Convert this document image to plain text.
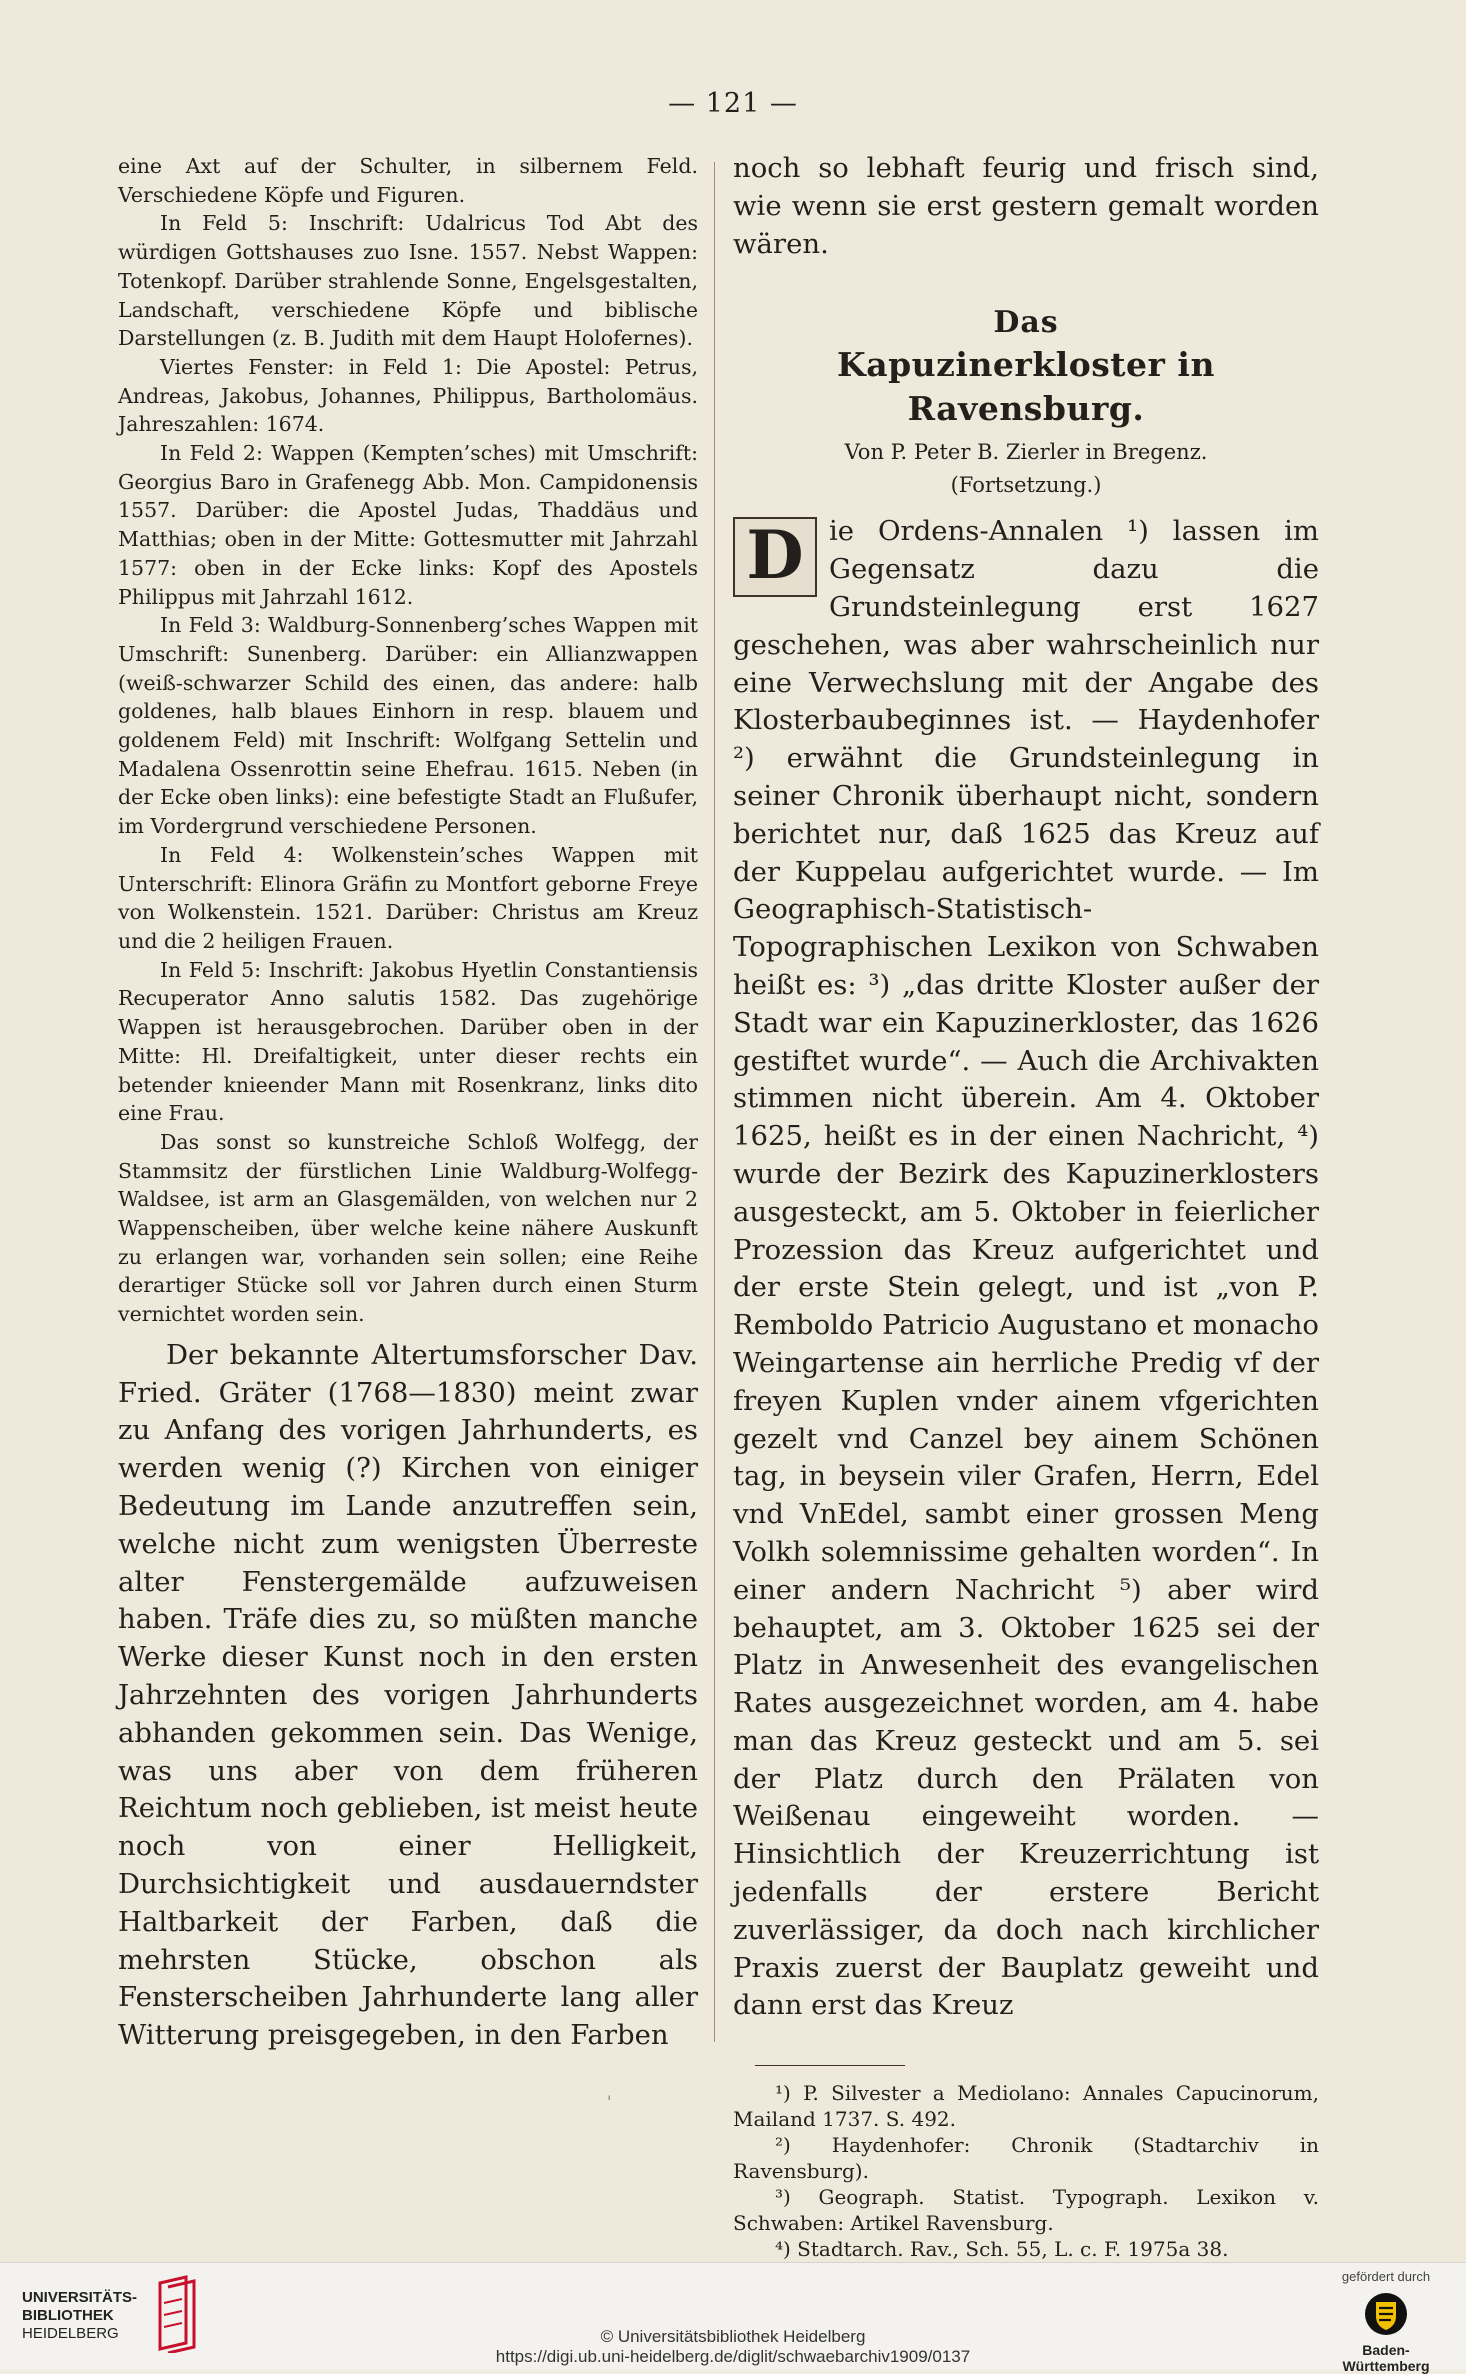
— 121 —

eine Axt auf der Schulter, in silbernem Feld. Verschiedene Köpfe und Figuren.

In Feld 5: Inschrift: Udalricus Tod Abt des würdigen Gottshauses zuo Isne. 1557. Nebst Wappen: Totenkopf. Darüber strahlende Sonne, Engelsgestalten, Landschaft, verschiedene Köpfe und biblische Darstellungen (z. B. Judith mit dem Haupt Holofernes).

Viertes Fenster: in Feld 1: Die Apostel: Petrus, Andreas, Jakobus, Johannes, Philippus, Bartholomäus. Jahreszahlen: 1674.

In Feld 2: Wappen (Kempten’sches) mit Umschrift: Georgius Baro in Grafenegg Abb. Mon. Campidonensis 1557. Darüber: die Apostel Judas, Thaddäus und Matthias; oben in der Mitte: Gottesmutter mit Jahrzahl 1577: oben in der Ecke links: Kopf des Apostels Philippus mit Jahrzahl 1612.

In Feld 3: Waldburg-Sonnenberg’sches Wappen mit Umschrift: Sunenberg. Darüber: ein Allianzwappen (weiß-schwarzer Schild des einen, das andere: halb goldenes, halb blaues Einhorn in resp. blauem und goldenem Feld) mit Inschrift: Wolfgang Settelin und Madalena Ossenrottin seine Ehefrau. 1615. Neben (in der Ecke oben links): eine befestigte Stadt an Flußufer, im Vordergrund verschiedene Personen.

In Feld 4: Wolkenstein’sches Wappen mit Unterschrift: Elinora Gräfin zu Montfort geborne Freye von Wolkenstein. 1521. Darüber: Christus am Kreuz und die 2 heiligen Frauen.

In Feld 5: Inschrift: Jakobus Hyetlin Constantiensis Recuperator Anno salutis 1582. Das zugehörige Wappen ist herausgebrochen. Darüber oben in der Mitte: Hl. Dreifaltigkeit, unter dieser rechts ein betender knieender Mann mit Rosenkranz, links dito eine Frau.

Das sonst so kunstreiche Schloß Wolfegg, der Stammsitz der fürstlichen Linie Waldburg-Wolfegg-Waldsee, ist arm an Glasgemälden, von welchen nur 2 Wappenscheiben, über welche keine nähere Auskunft zu erlangen war, vorhanden sein sollen; eine Reihe derartiger Stücke soll vor Jahren durch einen Sturm vernichtet worden sein.

Der bekannte Altertumsforscher Dav. Fried. Gräter (1768—1830) meint zwar zu Anfang des vorigen Jahrhunderts, es werden wenig (?) Kirchen von einiger Bedeutung im Lande anzutreffen sein, welche nicht zum wenigsten Überreste alter Fenstergemälde aufzuweisen haben. Träfe dies zu, so müßten manche Werke dieser Kunst noch in den ersten Jahrzehnten des vorigen Jahrhunderts abhanden gekommen sein. Das Wenige, was uns aber von dem früheren Reichtum noch geblieben, ist meist heute noch von einer Helligkeit, Durchsichtigkeit und ausdauerndster Haltbarkeit der Farben, daß die mehrsten Stücke, obschon als Fensterscheiben Jahrhunderte lang aller Witterung preisgegeben, in den Farben

noch so lebhaft feurig und frisch sind, wie wenn sie erst gestern gemalt worden wären.

Das
Kapuzinerkloster in Ravensburg.
Von P. Peter B. Zierler in Bregenz.
(Fortsetzung.)
D ie Ordens-Annalen ¹) lassen im Gegensatz dazu die Grundsteinlegung erst 1627 geschehen, was aber wahrscheinlich nur eine Verwechslung mit der Angabe des Klosterbaubeginnes ist. — Haydenhofer ²) erwähnt die Grundsteinlegung in seiner Chronik überhaupt nicht, sondern berichtet nur, daß 1625 das Kreuz auf der Kuppelau aufgerichtet wurde. — Im Geographisch-Statistisch-Topographischen Lexikon von Schwaben heißt es: ³) „das dritte Kloster außer der Stadt war ein Kapuzinerkloster, das 1626 gestiftet wurde“. — Auch die Archivakten stimmen nicht überein. Am 4. Oktober 1625, heißt es in der einen Nachricht, ⁴) wurde der Bezirk des Kapuzinerklosters ausgesteckt, am 5. Oktober in feierlicher Prozession das Kreuz aufgerichtet und der erste Stein gelegt, und ist „von P. Remboldo Patricio Augustano et monacho Weingartense ain herrliche Predig vf der freyen Kuplen vnder ainem vfgerichten gezelt vnd Canzel bey ainem Schönen tag, in beysein viler Grafen, Herrn, Edel vnd VnEdel, sambt einer grossen Meng Volkh solemnissime gehalten worden“. In einer andern Nachricht ⁵) aber wird behauptet, am 3. Oktober 1625 sei der Platz in Anwesenheit des evangelischen Rates ausgezeichnet worden, am 4. habe man das Kreuz gesteckt und am 5. sei der Platz durch den Prälaten von Weißenau eingeweiht worden. — Hinsichtlich der Kreuzerrichtung ist jedenfalls der erstere Bericht zuverlässiger, da doch nach kirchlicher Praxis zuerst der Bauplatz geweiht und dann erst das Kreuz

¹) P. Silvester a Mediolano: Annales Capucinorum, Mailand 1737. S. 492.

²) Haydenhofer: Chronik (Stadtarchiv in Ravensburg).

³) Geograph. Statist. Typograph. Lexikon v. Schwaben: Artikel Ravensburg.

⁴) Stadtarch. Rav., Sch. 55, L. c. F. 1975a 38.

'
UNIVERSITÄTS-
BIBLIOTHEK
HEIDELBERG	© Universitätsbibliothek Heidelberg
https://digi.ub.uni-heidelberg.de/diglit/schwaebarchiv1909/0137
gefördert durch
Baden-Württemberg
